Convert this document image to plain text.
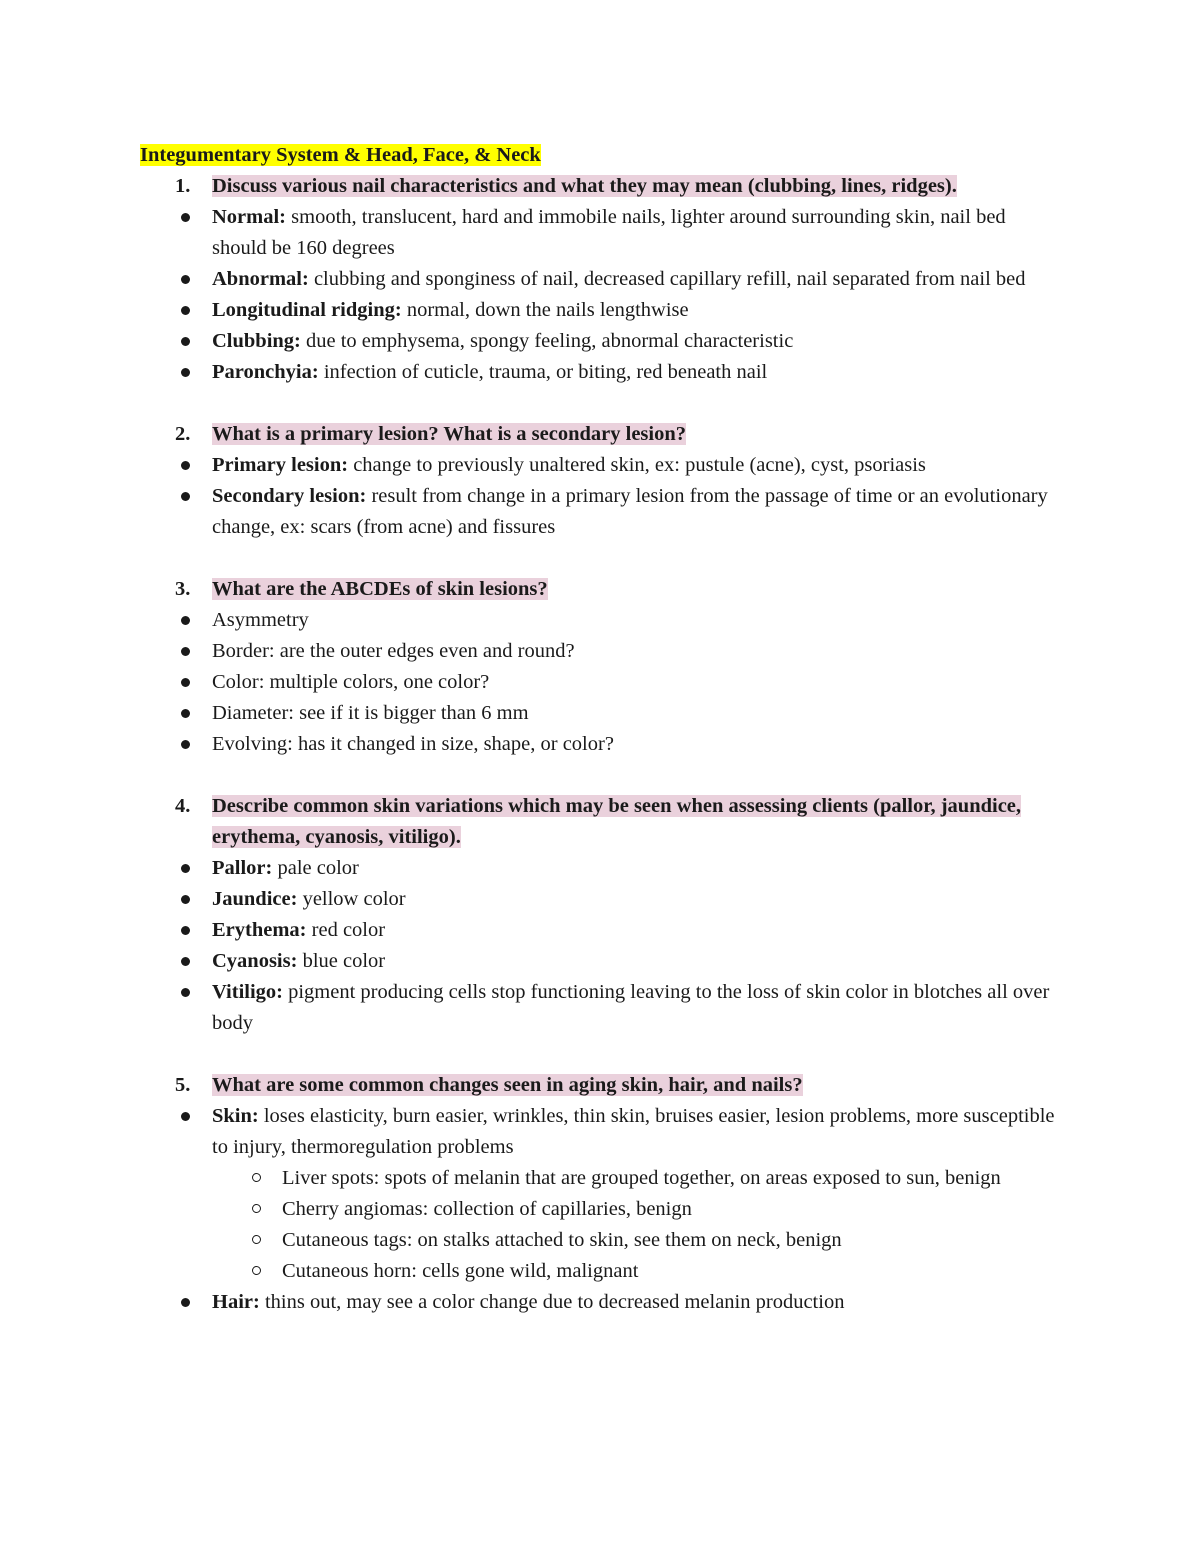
Integumentary System & Head, Face, & Neck
1. Discuss various nail characteristics and what they may mean (clubbing, lines, ridges).
Normal: smooth, translucent, hard and immobile nails, lighter around surrounding skin, nail bed should be 160 degrees
Abnormal: clubbing and sponginess of nail, decreased capillary refill, nail separated from nail bed
Longitudinal ridging: normal, down the nails lengthwise
Clubbing: due to emphysema, spongy feeling, abnormal characteristic
Paronchyia: infection of cuticle, trauma, or biting, red beneath nail
2. What is a primary lesion? What is a secondary lesion?
Primary lesion: change to previously unaltered skin, ex: pustule (acne), cyst, psoriasis
Secondary lesion: result from change in a primary lesion from the passage of time or an evolutionary change, ex: scars (from acne) and fissures
3. What are the ABCDEs of skin lesions?
Asymmetry
Border: are the outer edges even and round?
Color: multiple colors, one color?
Diameter: see if it is bigger than 6 mm
Evolving: has it changed in size, shape, or color?
4. Describe common skin variations which may be seen when assessing clients (pallor, jaundice, erythema, cyanosis, vitiligo).
Pallor: pale color
Jaundice: yellow color
Erythema: red color
Cyanosis: blue color
Vitiligo: pigment producing cells stop functioning leaving to the loss of skin color in blotches all over body
5. What are some common changes seen in aging skin, hair, and nails?
Skin: loses elasticity, burn easier, wrinkles, thin skin, bruises easier, lesion problems, more susceptible to injury, thermoregulation problems
Liver spots: spots of melanin that are grouped together, on areas exposed to sun, benign
Cherry angiomas: collection of capillaries, benign
Cutaneous tags: on stalks attached to skin, see them on neck, benign
Cutaneous horn: cells gone wild, malignant
Hair: thins out, may see a color change due to decreased melanin production
